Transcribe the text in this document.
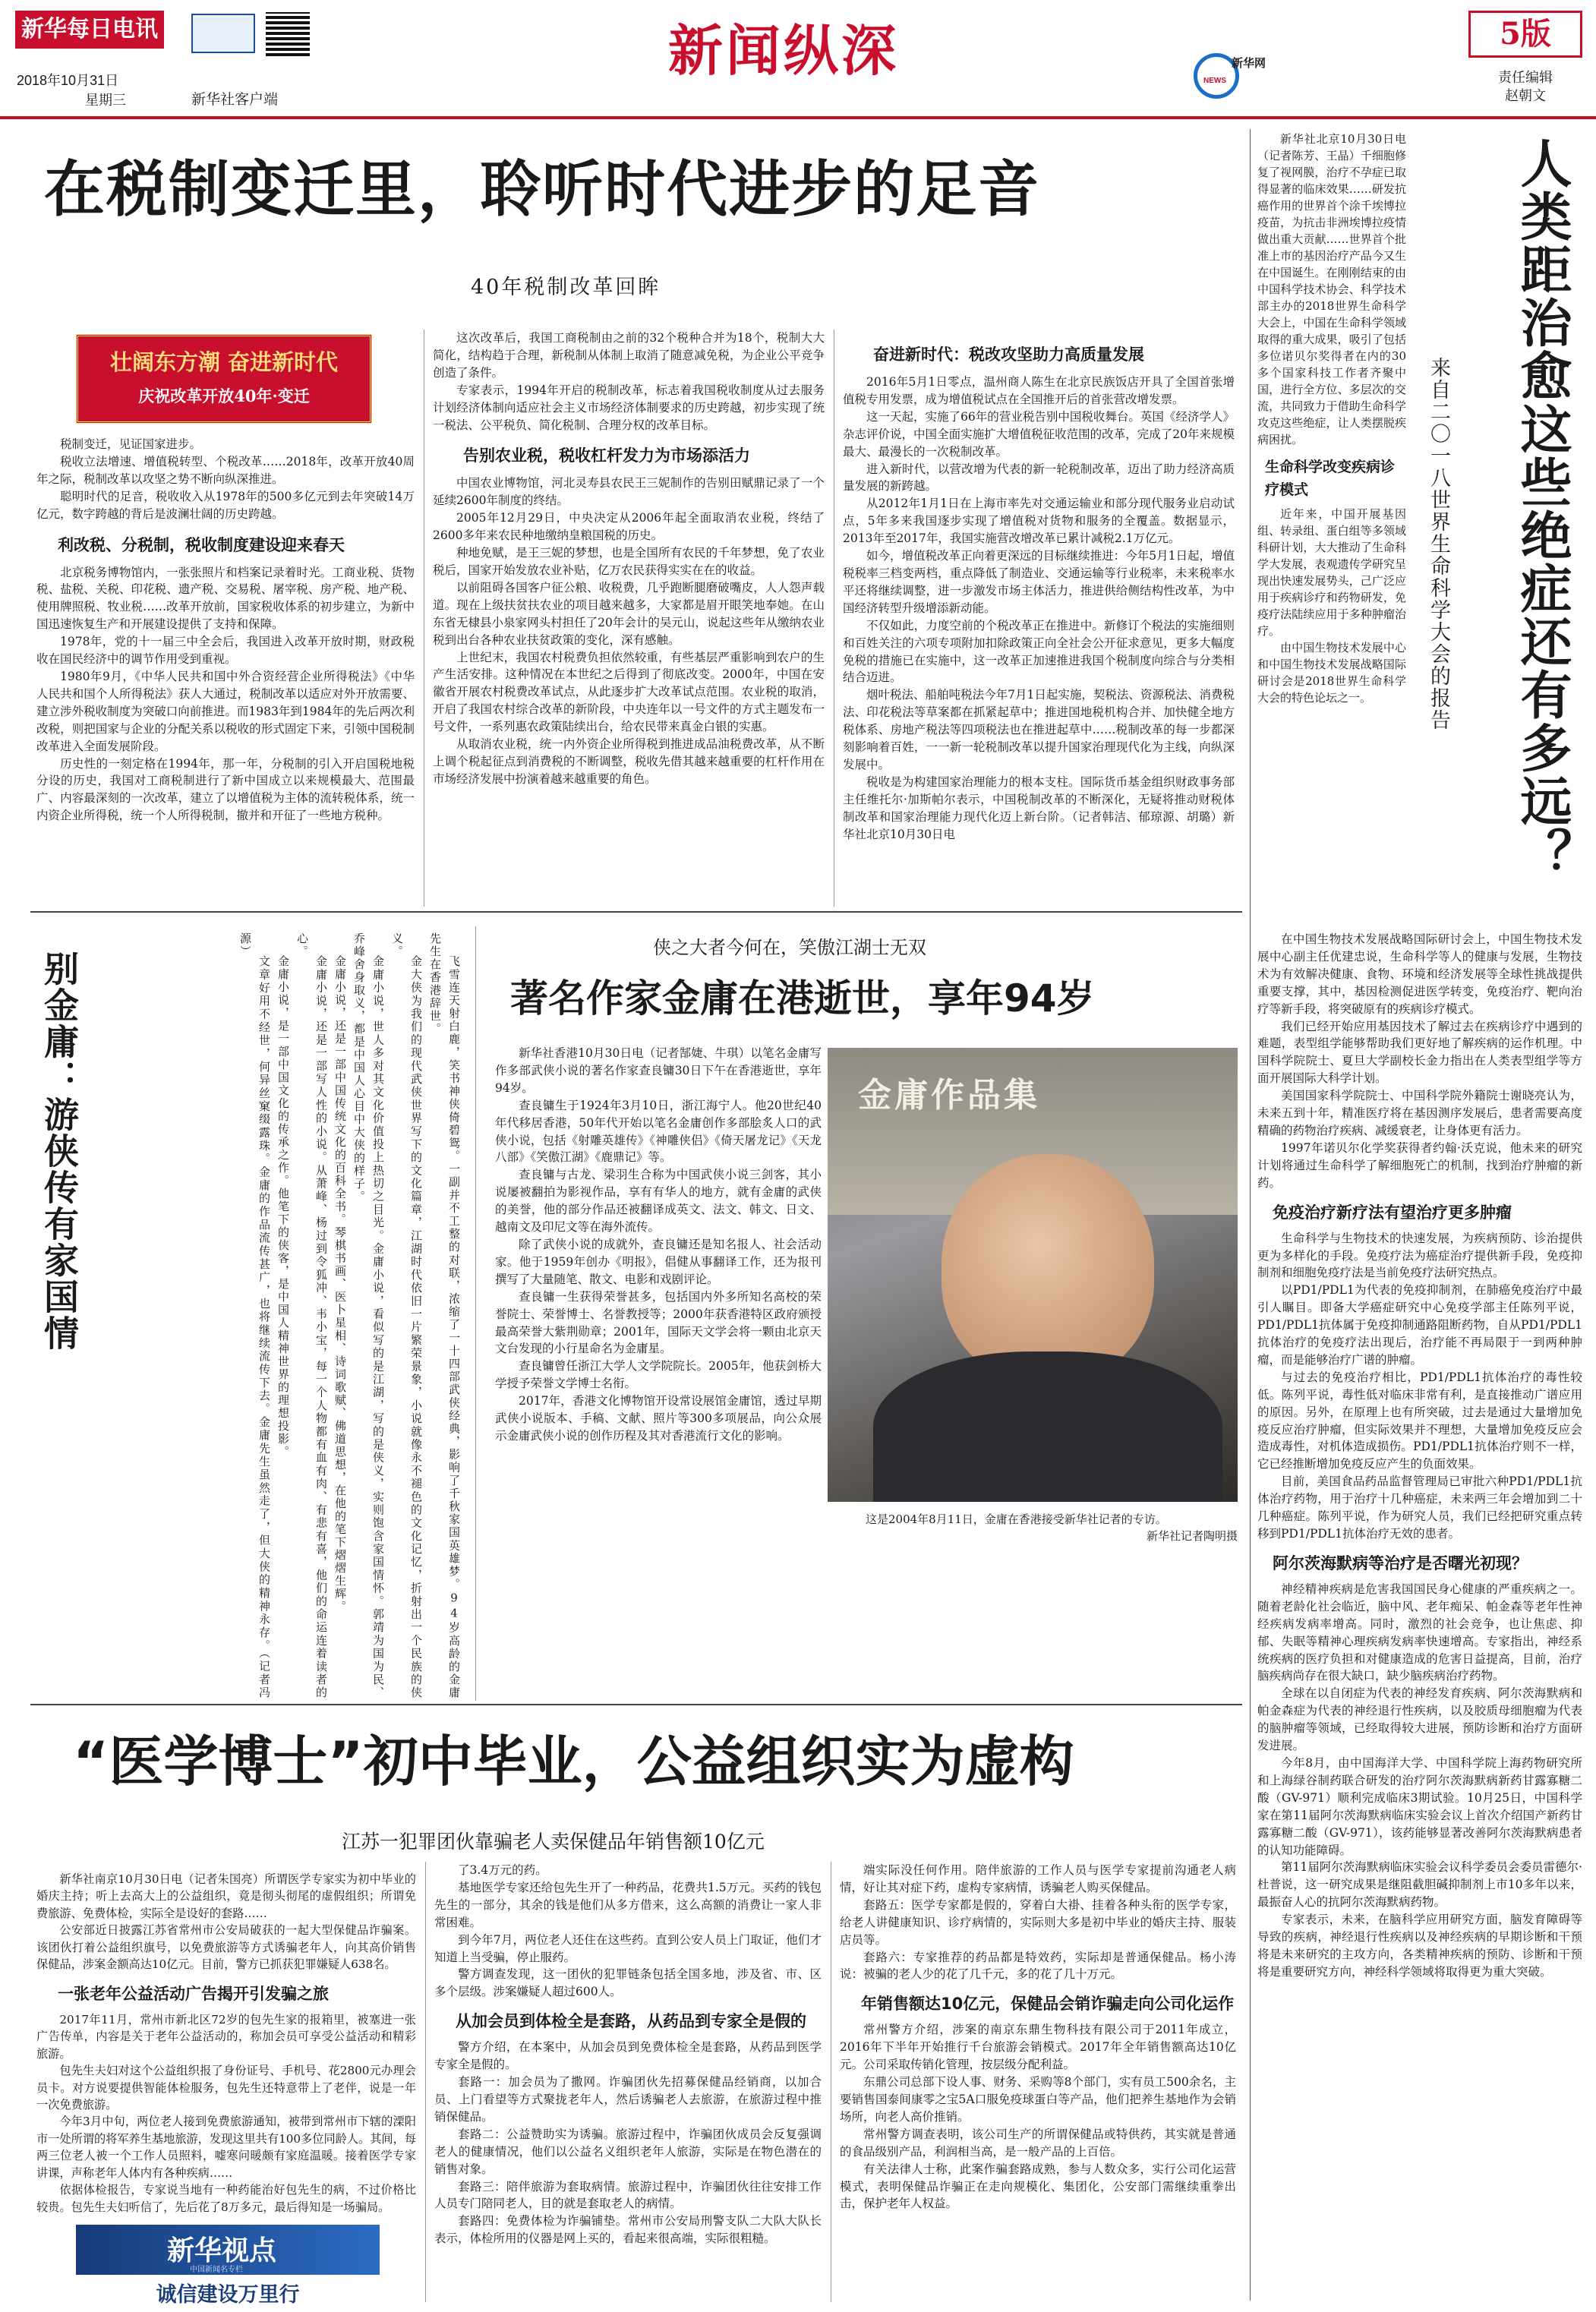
新华每日电讯
2018年10月31日
星期三	新华社客户端
新闻纵深	NEWS
新华网
5版
责任编辑
赵朝文
在税制变迁里，聆听时代进步的足音
40年税制改革回眸
壮阔东方潮 奋进新时代
庆祝改革开放40年·变迁

税制变迁，见证国家进步。

税收立法增速、增值税转型、个税改革……2018年，改革开放40周年之际，税制改革以攻坚之势不断向纵深推进。

聪明时代的足音，税收收入从1978年的500多亿元到去年突破14万亿元，数字跨越的背后是波澜壮阔的历史跨越。

利改税、分税制，税收制度建设迎来春天

北京税务博物馆内，一张张照片和档案记录着时光。工商业税、货物税、盐税、关税、印花税、遗产税、交易税、屠宰税、房产税、地产税、使用牌照税、牧业税……改革开放前，国家税收体系的初步建立，为新中国迅速恢复生产和开展建设提供了支持和保障。

1978年，党的十一届三中全会后，我国进入改革开放时期，财政税收在国民经济中的调节作用受到重视。

1980年9月，《中华人民共和国中外合资经营企业所得税法》《中华人民共和国个人所得税法》获人大通过，税制改革以适应对外开放需要、建立涉外税收制度为突破口向前推进。而1983年到1984年的先后两次利改税，则把国家与企业的分配关系以税收的形式固定下来，引领中国税制改革进入全面发展阶段。

历史性的一刻定格在1994年，那一年，分税制的引入开启国税地税分设的历史，我国对工商税制进行了新中国成立以来规模最大、范围最广、内容最深刻的一次改革，建立了以增值税为主体的流转税体系，统一内资企业所得税，统一个人所得税制，撤并和开征了一些地方税种。

这次改革后，我国工商税制由之前的32个税种合并为18个，税制大大简化，结构趋于合理，新税制从体制上取消了随意减免税，为企业公平竞争创造了条件。

专家表示，1994年开启的税制改革，标志着我国税收制度从过去服务计划经济体制向适应社会主义市场经济体制要求的历史跨越，初步实现了统一税法、公平税负、简化税制、合理分权的改革目标。

告别农业税，税收杠杆发力为市场添活力

中国农业博物馆，河北灵寿县农民王三妮制作的告别田赋鼎记录了一个延续2600年制度的终结。

2005年12月29日，中央决定从2006年起全面取消农业税，终结了2600多年来农民种地缴纳皇粮国税的历史。

种地免赋，是王三妮的梦想，也是全国所有农民的千年梦想，免了农业税后，国家开始发放农业补贴，亿万农民获得实实在在的收益。

以前阻碍各国客户征公粮、收税费，几乎跑断腿磨破嘴皮，人人怨声载道。现在上级扶贫扶农业的项目越来越多，大家都是眉开眼笑地奉她。在山东省无棣县小泉家网头村担任了20年会计的吴元山，说起这些年从缴纳农业税到出台各种农业扶贫政策的变化，深有感触。

上世纪末，我国农村税费负担依然较重，有些基层严重影响到农户的生产生活安排。这种情况在本世纪之后得到了彻底改变。2000年，中国在安徽省开展农村税费改革试点，从此逐步扩大改革试点范围。农业税的取消，开启了我国农村综合改革的新阶段，中央连年以一号文件的方式主题发布一号文件，一系列惠农政策陆续出台，给农民带来真金白银的实惠。

从取消农业税，统一内外资企业所得税到推进成品油税费改革，从不断上调个税起征点到消费税的不断调整，税收先借其越来越重要的杠杆作用在市场经济发展中扮演着越来越重要的角色。

奋进新时代：税改攻坚助力高质量发展

2016年5月1日零点，温州商人陈生在北京民族饭店开具了全国首张增值税专用发票，成为增值税试点在全国推开后的首张营改增发票。

这一天起，实施了66年的营业税告别中国税收舞台。英国《经济学人》杂志评价说，中国全面实施扩大增值税征收范围的改革，完成了20年来规模最大、最漫长的一次税制改革。

进入新时代，以营改增为代表的新一轮税制改革，迈出了助力经济高质量发展的新跨越。

从2012年1月1日在上海市率先对交通运输业和部分现代服务业启动试点，5年多来我国逐步实现了增值税对货物和服务的全覆盖。数据显示，2013年至2017年，我国实施营改增改革已累计减税2.1万亿元。

如今，增值税改革正向着更深远的目标继续推进：今年5月1日起，增值税税率三档变两档，重点降低了制造业、交通运输等行业税率，未来税率水平还将继续调整，进一步激发市场主体活力，推进供给侧结构性改革，为中国经济转型升级增添新动能。

不仅如此，力度空前的个税改革正在推进中。新修订个税法的实施细则和百姓关注的六项专项附加扣除政策正向全社会公开征求意见，更多大幅度免税的措施已在实施中，这一改革正加速推进我国个税制度向综合与分类相结合迈进。

烟叶税法、船舶吨税法今年7月1日起实施，契税法、资源税法、消费税法、印花税法等草案都在抓紧起草中；推进国地税机构合并、加快健全地方税体系、房地产税法等四项税法也在推进起草中……税制改革的每一步都深刻影响着百姓，一一新一轮税制改革以提升国家治理现代化为主线，向纵深发展中。

税收是为构建国家治理能力的根本支柱。国际货币基金组织财政事务部主任维托尔·加斯帕尔表示，中国税制改革的不断深化，无疑将推动财税体制改革和国家治理能力现代化迈上新台阶。（记者韩洁、郁琼源、胡璐）新华社北京10月30日电

新华社北京10月30日电（记者陈芳、王晶）千细胞修复了视网膜，治疗不孕症已取得显著的临床效果……研发抗癌作用的世界首个涂千埃博拉疫苗，为抗击非洲埃博拉疫情做出重大贡献……世界首个批准上市的基因治疗产品今又生在中国诞生。在刚刚结束的由中国科学技术协会、科学技术部主办的2018世界生命科学大会上，中国在生命科学领域取得的重大成果，吸引了包括多位诺贝尔奖得者在内的30多个国家科技工作者齐聚中国，进行全方位、多层次的交流，共同致力于借助生命科学攻克这些绝症，让人类摆脱疾病困扰。

生命科学改变疾病诊疗模式

近年来，中国开展基因组、转录组、蛋白组等多领域科研计划，大大推动了生命科学大发展，表观遗传学研究呈现出快速发展势头，己广泛应用于疾病诊疗和药物研发，免疫疗法陆续应用于多种肿瘤治疗。

由中国生物技术发展中心和中国生物技术发展战略国际研讨会是2018世界生命科学大会的特色论坛之一。	人类距治愈这些绝症还有多远？
来自二〇一八世界生命科学大会的报告

在中国生物技术发展战略国际研讨会上，中国生物技术发展中心副主任优建忠说，生命科学等人的健康与发展，生物技术为有效解决健康、食物、环境和经济发展等全球性挑战提供重要支撑，其中，基因检测促进医学转变，免疫治疗、靶向治疗等新手段，将突破原有的疾病诊疗模式。

我们已经开始应用基因技术了解过去在疾病诊疗中遇到的难题，表型组学能够帮助我们更好地了解疾病的运作机理。中国科学院院士、夏旦大学副校长金力指出在人类表型组学等方面开展国际大科学计划。

美国国家科学院院士、中国科学院外籍院士谢晓亮认为，未来五到十年，精准医疗将在基因测序发展后，患者需要高度精确的药物治疗疾病、减缓衰老，让身体更有活力。

1997年诺贝尔化学奖获得者约翰·沃克说，他未来的研究计划将通过生命科学了解细胞死亡的机制，找到治疗肿瘤的新药。

免疫治疗新疗法有望治疗更多肿瘤

生命科学与生物技术的快速发展，为疾病预防、诊治提供更为多样化的手段。免疫疗法为癌症治疗提供新手段，免疫抑制剂和细胞免疫疗法是当前免疫疗法研究热点。

以PD1/PDL1为代表的免疫抑制剂，在肺癌免疫治疗中最引人瞩目。即备大学癌症研究中心免疫学部主任陈列平说，PD1/PDL1抗体属于免疫抑制通路阻断药物，自从PD1/PDL1抗体治疗的免疫疗法出现后，治疗能不再局限于一到两种肿瘤，而是能够治疗广谱的肿瘤。

与过去的免疫治疗相比，PD1/PDL1抗体治疗的毒性较低。陈列平说，毒性低对临床非常有利，是直接推动广谱应用的原因。另外，在原理上也有所突破，过去是通过大量增加免疫反应治疗肿瘤，但实际效果并不理想，大量增加免疫反应会造成毒性，对机体造成损伤。PD1/PDL1抗体治疗则不一样，它已经推断增加免疫反应产生的负面效果。

目前，美国食品药品监督管理局已审批六种PD1/PDL1抗体治疗药物，用于治疗十几种癌症，未来两三年会增加到二十几种癌症。陈列平说，作为研究人员，我们已经把研究重点转移到PD1/PDL1抗体治疗无效的患者。

阿尔茨海默病等治疗是否曙光初现？

神经精神疾病是危害我国国民身心健康的严重疾病之一。随着老龄化社会临近，脑中风、老年痴呆、帕金森等老年性神经疾病发病率增高。同时，激烈的社会竞争，也让焦虑、抑郁、失眠等精神心理疾病发病率快速增高。专家指出，神经系统疾病的医疗负担和对健康造成的危害日益提高，目前，治疗脑疾病尚存在很大缺口，缺少脑疾病治疗药物。

全球在以自闭症为代表的神经发育疾病、阿尔茨海默病和帕金森症为代表的神经退行性疾病，以及胶质母细胞瘤为代表的脑肿瘤等领域，已经取得较大进展，预防诊断和治疗方面研发进展。

今年8月，由中国海洋大学、中国科学院上海药物研究所和上海绿谷制药联合研发的治疗阿尔茨海默病新药甘露寡糖二酸（GV-971）顺利完成临床3期试验。10月25日，中国科学家在第11届阿尔茨海默病临床实验会议上首次介绍国产新药甘露寡糖二酸（GV-971），该药能够显著改善阿尔茨海默病患者的认知功能障碍。

第11届阿尔茨海默病临床实验会议科学委员会委员雷德尔·杜普说，这一研究成果是继阻截胆碱抑制剂上市10多年以来，最振奋人心的抗阿尔茨海默病药物。

专家表示，未来，在脑科学应用研究方面，脑发育障碍等导致的疾病，神经退行性疾病以及神经疾病的早期诊断和干预将是未来研究的主攻方向，各类精神疾病的预防、诊断和干预将是重要研究方向，神经科学领域将取得更为重大突破。

别金庸：游侠传有家国情	飞雪连天射白鹿，笑书神侠倚碧鸳。一副并不工整的对联，浓缩了一十四部武侠经典，影响了千秋家国英雄梦。94岁高龄的金庸先生在香港辞世。

金大侠为我们的现代武侠世界写下的文化篇章，江湖时代依旧一片繁荣景象，小说就像永不褪色的文化记忆，折射出一个民族的侠义。

金庸小说，世人多对其文化价值投上热切之目光。金庸小说，看似写的是江湖，写的是侠义，实则饱含家国情怀。郭靖为国为民、乔峰舍身取义，都是中国人心目中大侠的样子。

金庸小说，还是一部中国传统文化的百科全书。琴棋书画、医卜星相、诗词歌赋、佛道思想，在他的笔下熠熠生辉。

金庸小说，还是一部写人性的小说。从萧峰、杨过到令狐冲、韦小宝，每一个人物都有血有肉、有悲有喜，他们的命运连着读者的心。

金庸小说，是一部中国文化的传承之作。他笔下的侠客，是中国人精神世界的理想投影。

文章好用不经世，何异丝窠缀露珠。金庸的作品流传甚广，也将继续流传下去。金庸先生虽然走了，但大侠的精神永存。（记者冯源）	侠之大者今何在，笑傲江湖士无双
著名作家金庸在港逝世，享年94岁

新华社香港10月30日电（记者郜婕、牛琪）以笔名金庸写作多部武侠小说的著名作家查良镛30日下午在香港逝世，享年94岁。

查良镛生于1924年3月10日，浙江海宁人。他20世纪40年代移居香港，50年代开始以笔名金庸创作多部脍炙人口的武侠小说，包括《射雕英雄传》《神雕侠侣》《倚天屠龙记》《天龙八部》《笑傲江湖》《鹿鼎记》等。

查良镛与古龙、梁羽生合称为中国武侠小说三剑客，其小说屡被翻拍为影视作品，享有有华人的地方，就有金庸的武侠的美誉，他的部分作品还被翻译成英文、法文、韩文、日文、越南文及印尼文等在海外流传。

除了武侠小说的成就外，查良镛还是知名报人、社会活动家。他于1959年创办《明报》，倡健从事翻译工作，还为报刊撰写了大量随笔、散文、电影和戏剧评论。

查良镛一生获得荣誉甚多，包括国内外多所知名高校的荣誉院士、荣誉博士、名誉教授等；2000年获香港特区政府颁授最高荣誉大紫荆勋章；2001年，国际天文学会将一颗由北京天文台发现的小行星命名为金庸星。

查良镛曾任浙江大学人文学院院长。2005年，他获剑桥大学授予荣誉文学博士名衔。

2017年，香港文化博物馆开设常设展馆金庸馆，透过早期武侠小说版本、手稿、文献、照片等300多项展品，向公众展示金庸武侠小说的创作历程及其对香港流行文化的影响。

金庸作品集
这是2004年8月11日，金庸在香港接受新华社记者的专访。
新华社记者陶明摄
“医学博士”初中毕业，公益组织实为虚构
江苏一犯罪团伙靠骗老人卖保健品年销售额10亿元

新华社南京10月30日电（记者朱国亮）所谓医学专家实为初中毕业的婚庆主持；听上去高大上的公益组织，竟是彻头彻尾的虚假组织；所谓免费旅游、免费体检，实际全是设好的套路……

公安部近日披露江苏省常州市公安局破获的一起大型保健品诈骗案。该团伙打着公益组织旗号，以免费旅游等方式诱骗老年人，向其高价销售保健品，涉案金额高达10亿元。目前，警方已抓获犯罪嫌疑人638名。

一张老年公益活动广告揭开引发骗之旅

2017年11月，常州市新北区72岁的包先生家的报箱里，被塞进一张广告传单，内容是关于老年公益活动的，称加会员可享受公益活动和精彩旅游。

包先生夫妇对这个公益组织报了身份证号、手机号、花2800元办理会员卡。对方说要提供智能体检服务，包先生还特意带上了老伴，说是一年一次免费旅游。

今年3月中旬，两位老人接到免费旅游通知，被带到常州市下辖的溧阳市一处所谓的将军养生基地旅游，发现这里共有100多位同龄人。其间，每两三位老人被一个工作人员照料，嘘寒问暖颇有家庭温暖。接着医学专家讲课，声称老年人体内有各种疾病……

依据体检报告，专家说当地有一种药能治好包先生的病，不过价格比较贵。包先生夫妇听信了，先后花了8万多元，最后得知是一场骗局。

新华视点
中国新闻名专栏
诚信建设万里行

了3.4万元的药。

基地医学专家还给包先生开了一种药品，花费共1.5万元。买药的钱包先生的一部分，其余的钱是他们从多方借来，这么高额的消费让一家人非常困难。

到今年7月，两位老人还住在这些药。直到公安人员上门取证，他们才知道上当受骗，停止服药。

警方调查发现，这一团伙的犯罪链条包括全国多地，涉及省、市、区多个层级。涉案嫌疑人超过600人。

从加会员到体检全是套路，从药品到专家全是假的

警方介绍，在本案中，从加会员到免费体检全是套路，从药品到医学专家全是假的。

套路一：加会员为了撒网。诈骗团伙先招募保健品经销商，以加合员、上门看望等方式聚拢老年人，然后诱骗老人去旅游，在旅游过程中推销保健品。

套路二：公益赞助实为诱骗。旅游过程中，诈骗团伙成员会反复强调老人的健康情况，他们以公益名义组织老年人旅游，实际是在物色潜在的销售对象。

套路三：陪伴旅游为套取病情。旅游过程中，诈骗团伙往往安排工作人员专门陪同老人，目的就是套取老人的病情。

套路四：免费体检为诈骗铺垫。常州市公安局刑警支队二大队大队长表示，体检所用的仪器是网上买的，看起来很高端，实际很粗糙。

端实际没任何作用。陪伴旅游的工作人员与医学专家提前沟通老人病情，好让其对症下药，虚构专家病情，诱骗老人购买保健品。

套路五：医学专家都是假的，穿着白大褂、挂着各种头衔的医学专家，给老人讲健康知识、诊疗病情的，实际则大多是初中毕业的婚庆主持、服装店员等。

套路六：专家推荐的药品都是特效药，实际却是普通保健品。杨小涛说：被骗的老人少的花了几千元，多的花了几十万元。

年销售额达10亿元，保健品会销诈骗走向公司化运作

常州警方介绍，涉案的南京东鼎生物科技有限公司于2011年成立，2016年下半年开始推行千台旅游会销模式。2017年全年销售额高达10亿元。公司采取传销化管理，按层级分配利益。

东鼎公司总部下设人事、财务、采购等8个部门，实有员工500余名，主要销售国泰间康零之宝5A口服免疫球蛋白等产品，他们把养生基地作为会销场所，向老人高价推销。

常州警方调查表明，该公司生产的所谓保健品或特供药，其实就是普通的食品级别产品，利润相当高，是一般产品的上百倍。

有关法律人士称，此案作骗套路成熟，参与人数众多，实行公司化运营模式，表明保健品诈骗正在走向规模化、集团化，公安部门需继续重拳出击，保护老年人权益。
